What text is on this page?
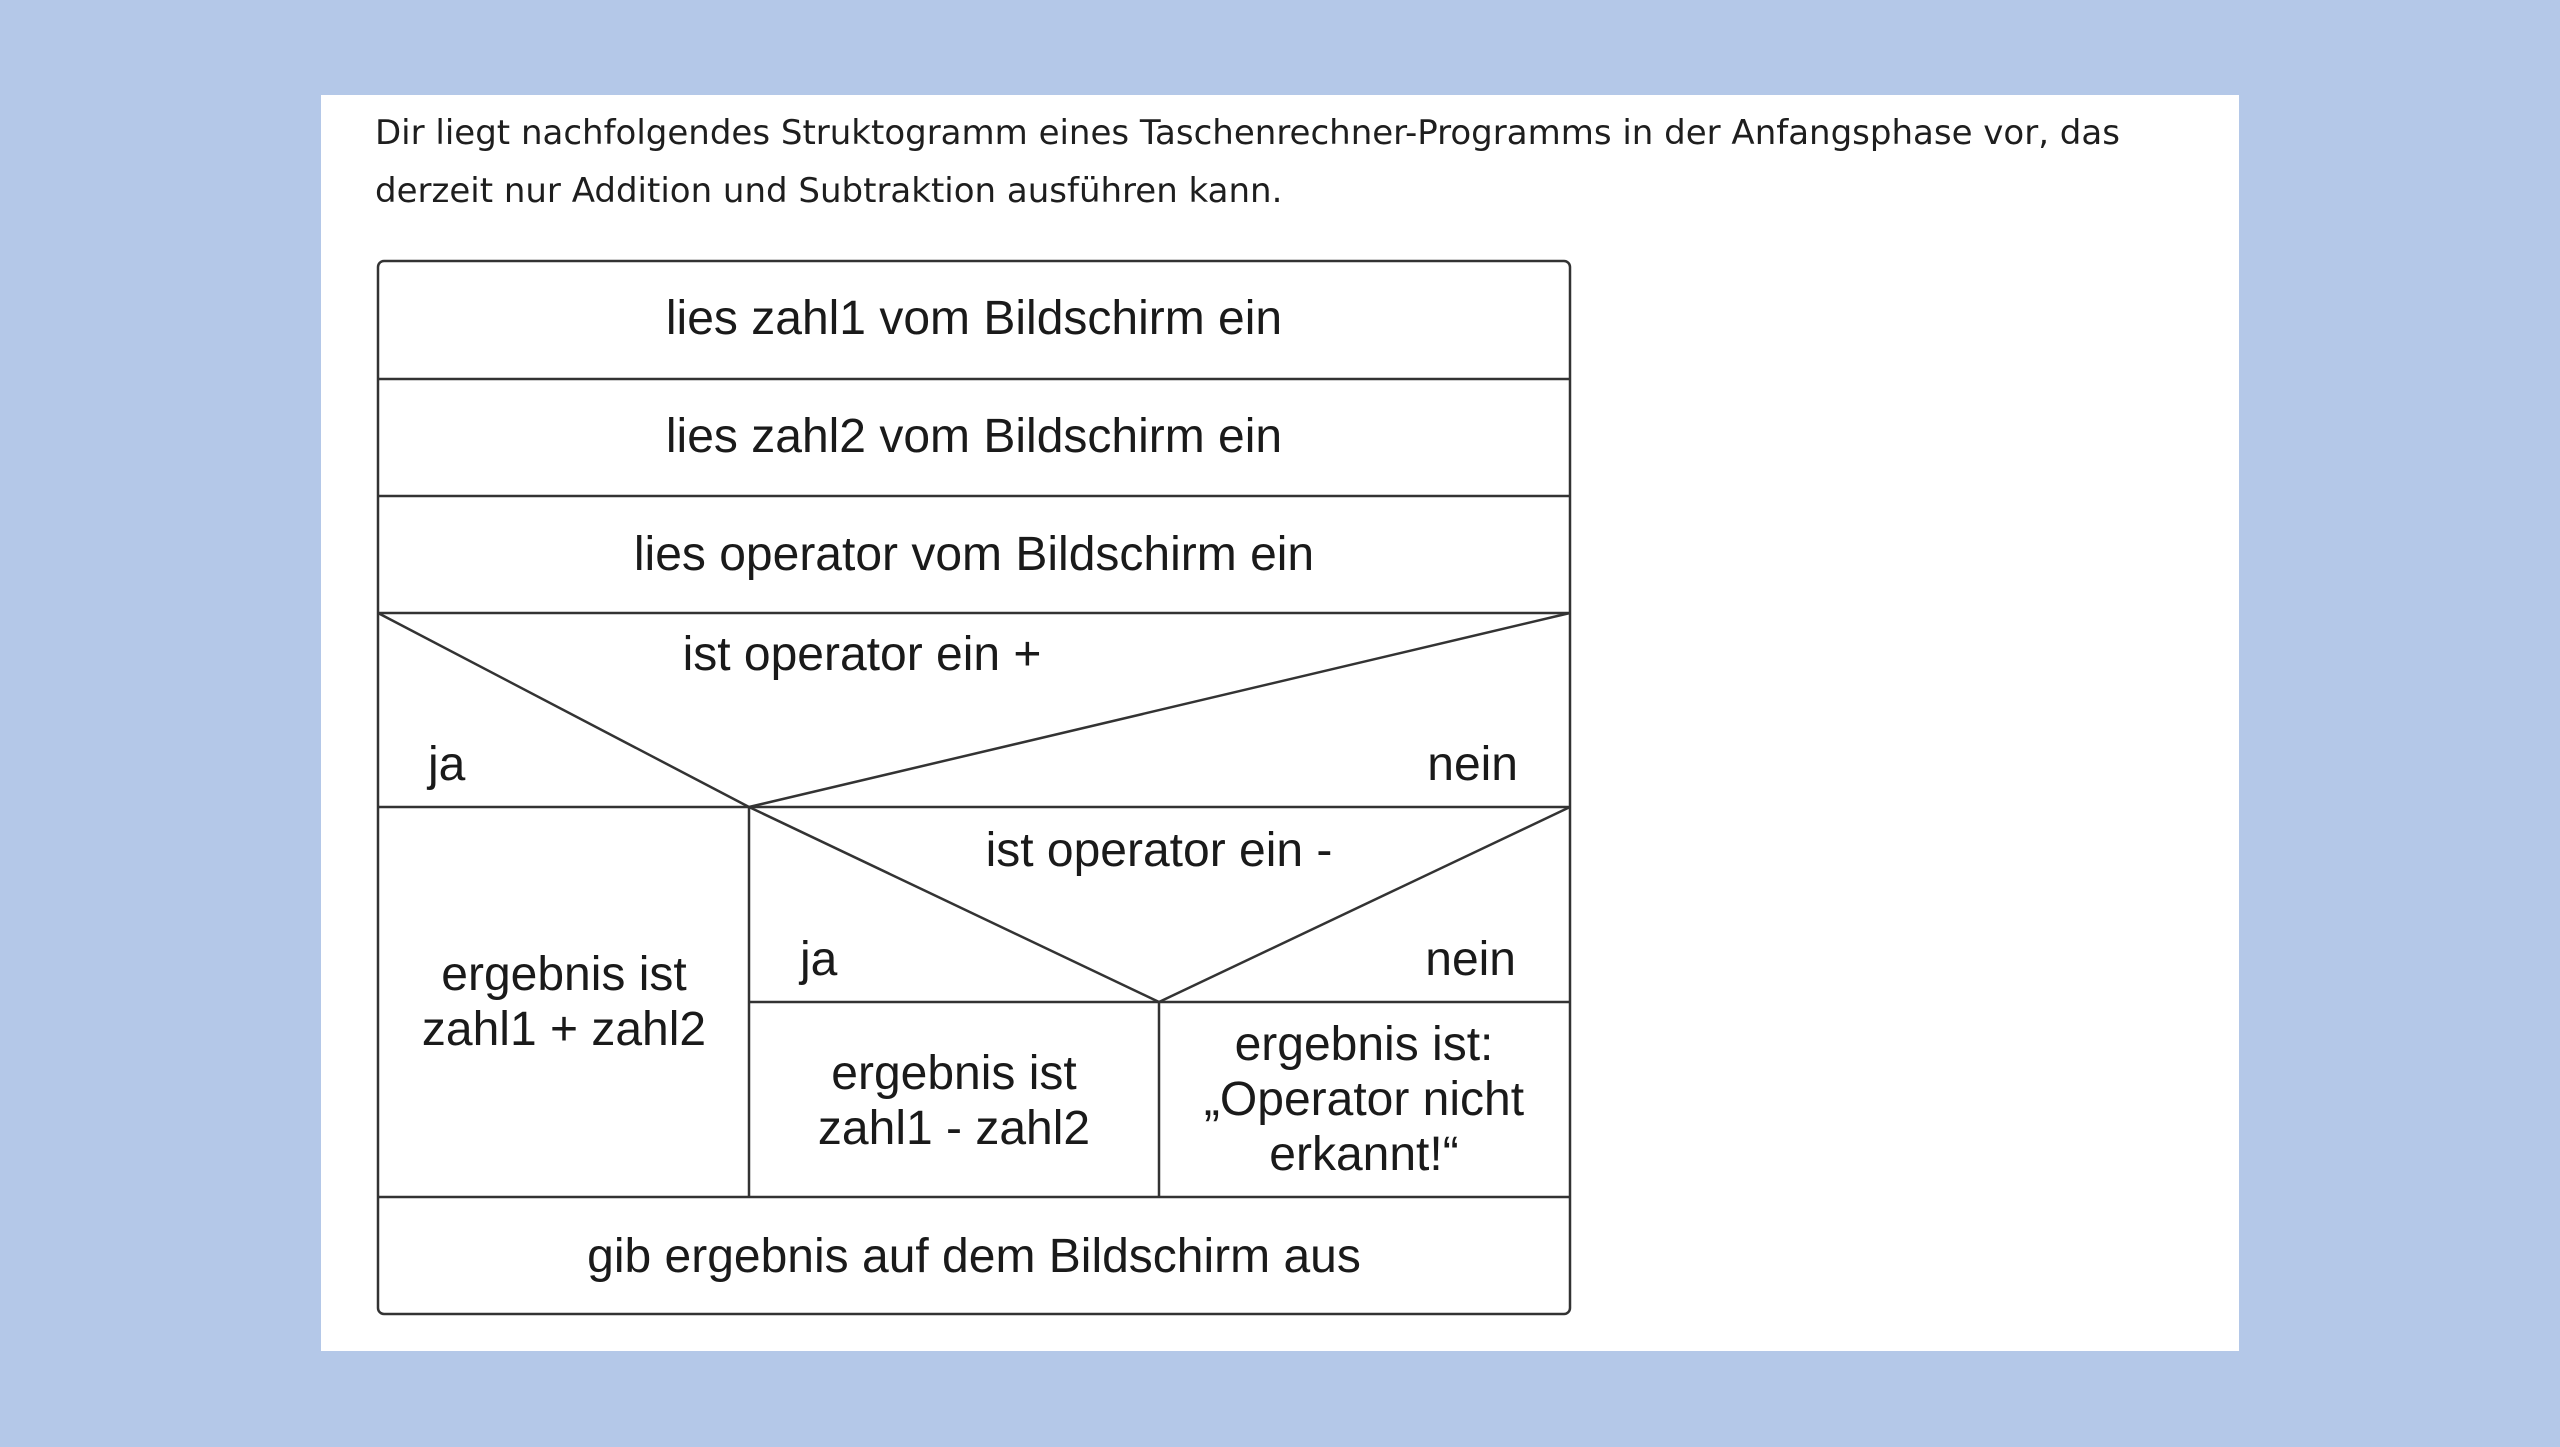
Dir liegt nachfolgendes Struktogramm eines Taschenrechner-Programms in der Anfangsphase vor, das
derzeit nur Addition und Subtraktion ausführen kann.

lies zahl1 vom Bildschirm ein
lies zahl2 vom Bildschirm ein
lies operator vom Bildschirm ein
ist operator ein +
ja	nein
ergebnis ist
zahl1 + zahl2
ist operator ein -
ja	nein
ergebnis ist
zahl1 - zahl2
ergebnis ist:
„Operator nicht
erkannt!“
gib ergebnis auf dem Bildschirm aus
